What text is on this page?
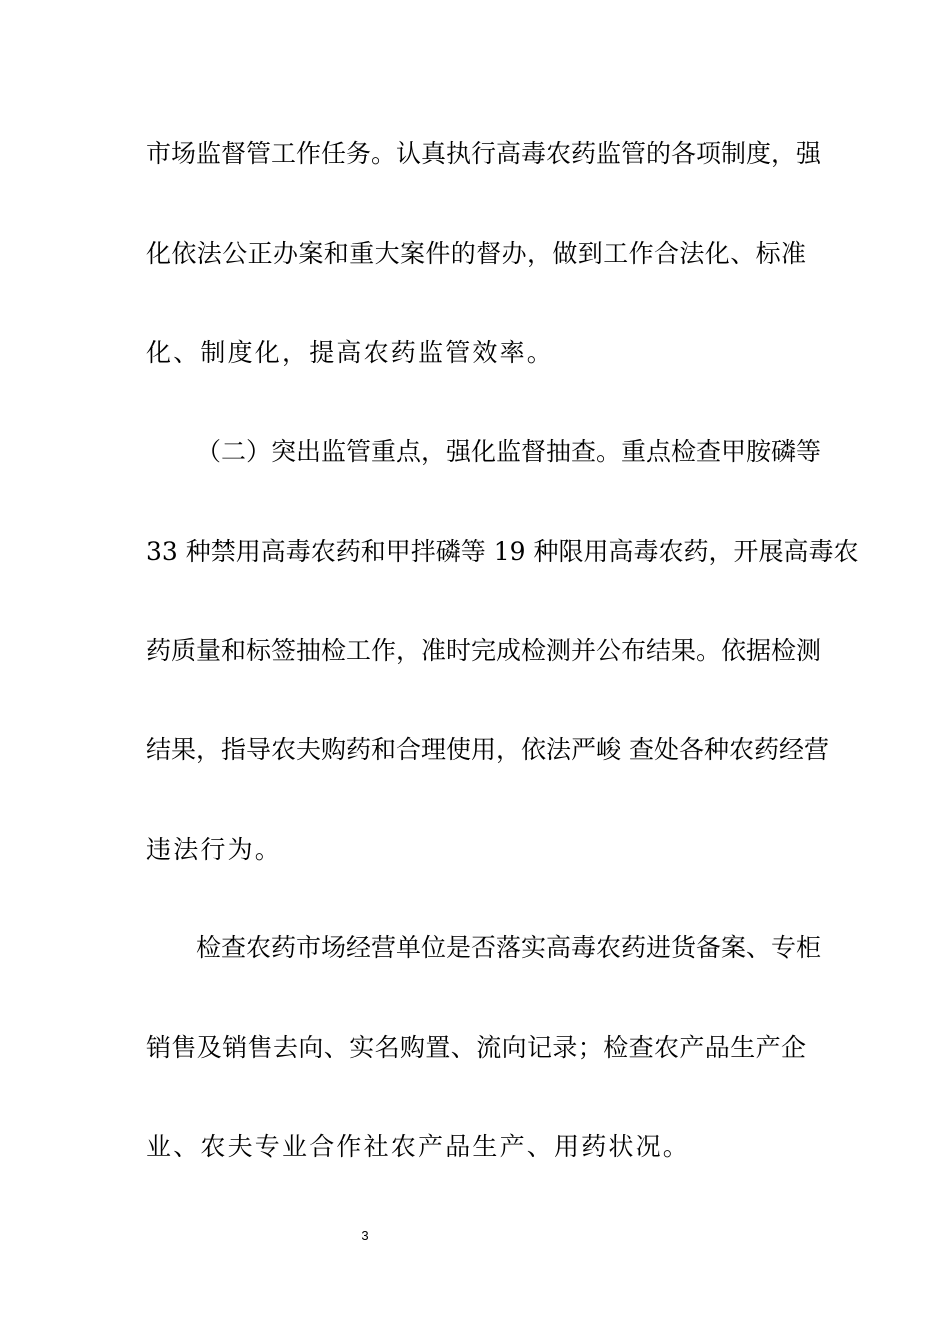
市场监督管工作任务。认真执行高毒农药监管的各项制度，强
化依法公正办案和重大案件的督办，做到工作合法化、标准
化、制度化，提高农药监管效率。
（二）突出监管重点，强化监督抽查。重点检查甲胺磷等
33 种禁用高毒农药和甲拌磷等 19 种限用高毒农药，开展高毒农
药质量和标签抽检工作，准时完成检测并公布结果。依据检测
结果，指导农夫购药和合理使用，依法严峻 查处各种农药经营
违法行为。
检查农药市场经营单位是否落实高毒农药进货备案、专柜
销售及销售去向、实名购置、流向记录；检查农产品生产企
业、农夫专业合作社农产品生产、用药状况。
3
